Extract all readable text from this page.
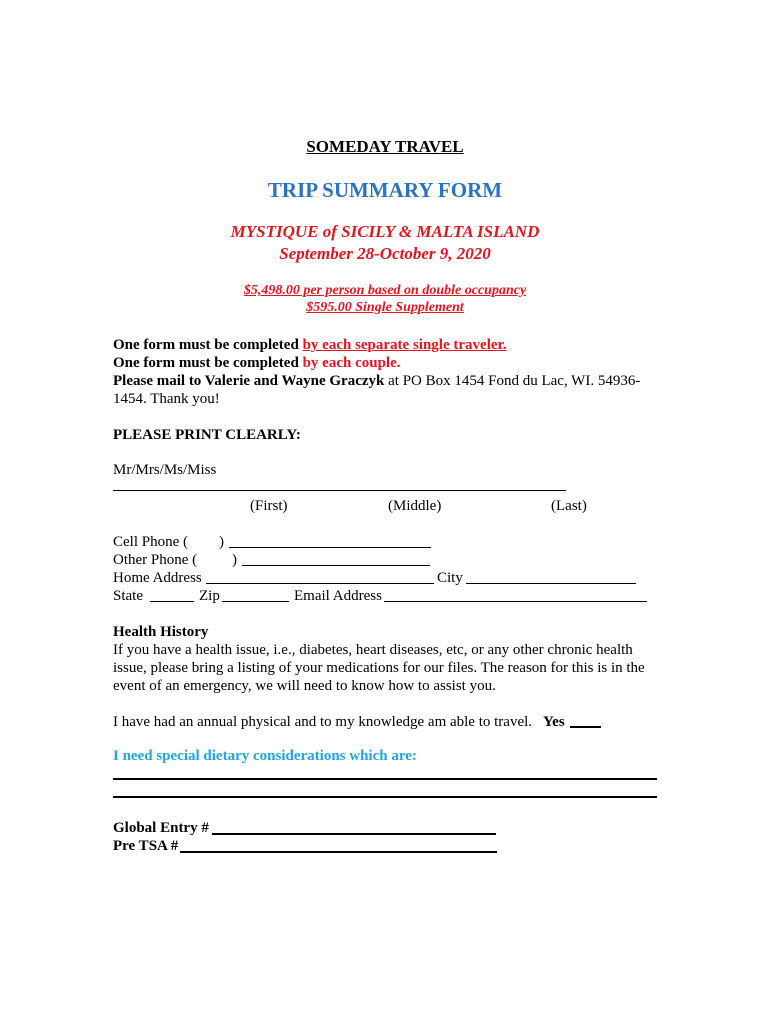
SOMEDAY TRAVEL
TRIP SUMMARY FORM
MYSTIQUE of SICILY & MALTA ISLAND
September 28-October 9, 2020
$5,498.00 per person based on double occupancy
$595.00 Single Supplement
One form must be completed by each separate single traveler.
One form must be completed by each couple.
Please mail to Valerie and Wayne Graczyk at PO Box 1454 Fond du Lac, WI. 54936-
1454. Thank you!
PLEASE PRINT CLEARLY:
Mr/Mrs/Ms/Miss
(First)	(Middle)	(Last)
Cell Phone ( )
Other Phone ( )
Home Address	City
State	Zip	Email Address
Health History
If you have a health issue, i.e., diabetes, heart diseases, etc, or any other chronic health
issue, please bring a listing of your medications for our files. The reason for this is in the
event of an emergency, we will need to know how to assist you.
I have had an annual physical and to my knowledge am able to travel. Yes
I need special dietary considerations which are:
Global Entry #
Pre TSA #
